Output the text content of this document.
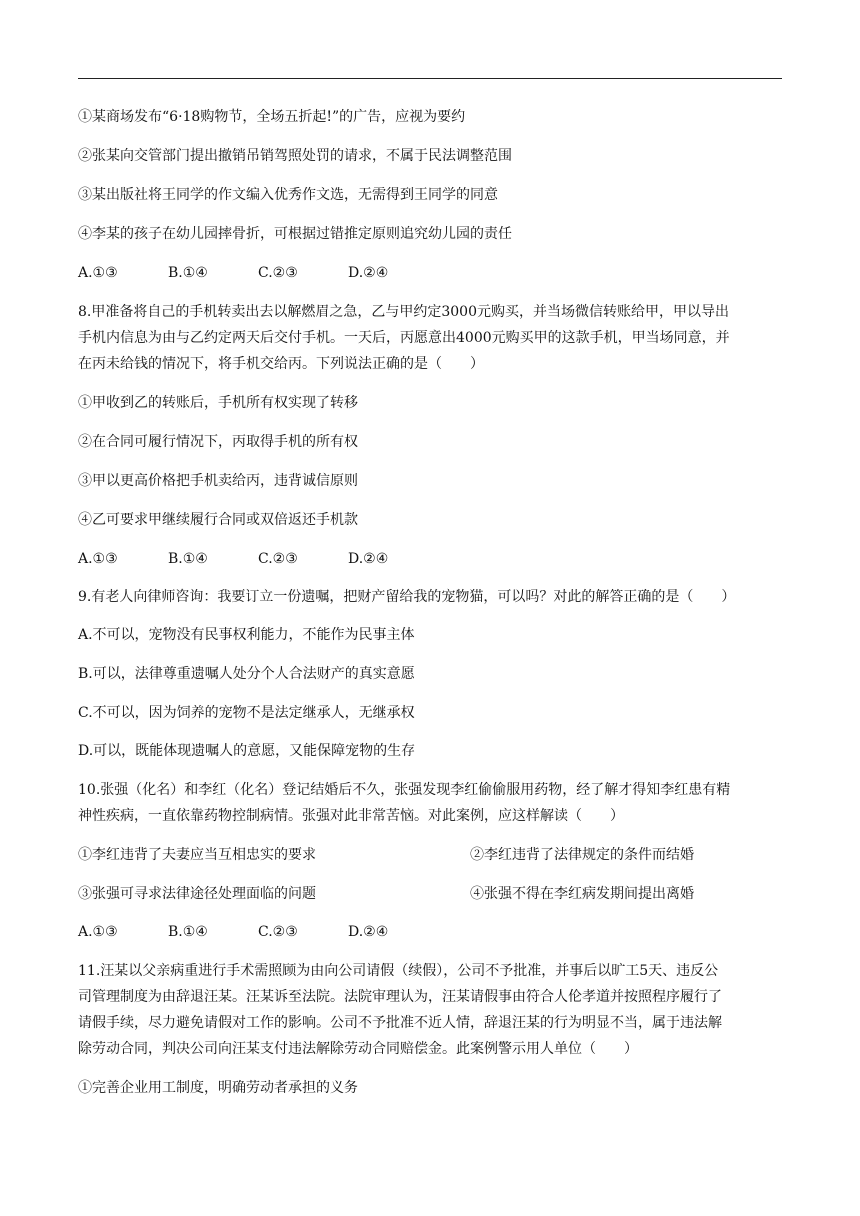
①某商场发布“6·18购物节，全场五折起!”的广告，应视为要约
②张某向交管部门提出撤销吊销驾照处罚的请求，不属于民法调整范围
③某出版社将王同学的作文编入优秀作文选，无需得到王同学的同意
④李某的孩子在幼儿园摔骨折，可根据过错推定原则追究幼儿园的责任
A.①③	B.①④	C.②③	D.②④
8.甲准备将自己的手机转卖出去以解燃眉之急，乙与甲约定3000元购买，并当场微信转账给甲，甲以导出
手机内信息为由与乙约定两天后交付手机。一天后，丙愿意出4000元购买甲的这款手机，甲当场同意，并
在丙未给钱的情况下，将手机交给丙。下列说法正确的是（　　）
①甲收到乙的转账后，手机所有权实现了转移
②在合同可履行情况下，丙取得手机的所有权
③甲以更高价格把手机卖给丙，违背诚信原则
④乙可要求甲继续履行合同或双倍返还手机款
A.①③	B.①④	C.②③	D.②④
9.有老人向律师咨询：我要订立一份遗嘱，把财产留给我的宠物猫，可以吗？对此的解答正确的是（　　）
A.不可以，宠物没有民事权利能力，不能作为民事主体
B.可以，法律尊重遗嘱人处分个人合法财产的真实意愿
C.不可以，因为饲养的宠物不是法定继承人，无继承权
D.可以，既能体现遗嘱人的意愿，又能保障宠物的生存
10.张强（化名）和李红（化名）登记结婚后不久，张强发现李红偷偷服用药物，经了解才得知李红患有精
神性疾病，一直依靠药物控制病情。张强对此非常苦恼。对此案例，应这样解读（　　）
①李红违背了夫妻应当互相忠实的要求	②李红违背了法律规定的条件而结婚
③张强可寻求法律途径处理面临的问题	④张强不得在李红病发期间提出离婚
A.①③	B.①④	C.②③	D.②④
11.汪某以父亲病重进行手术需照顾为由向公司请假（续假），公司不予批准，并事后以旷工5天、违反公
司管理制度为由辞退汪某。汪某诉至法院。法院审理认为，汪某请假事由符合人伦孝道并按照程序履行了
请假手续，尽力避免请假对工作的影响。公司不予批准不近人情，辞退汪某的行为明显不当，属于违法解
除劳动合同，判决公司向汪某支付违法解除劳动合同赔偿金。此案例警示用人单位（　　）
①完善企业用工制度，明确劳动者承担的义务
